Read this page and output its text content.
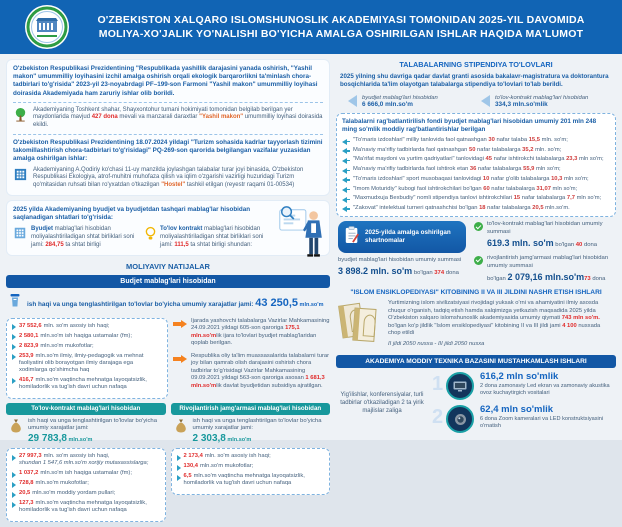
O'ZBEKISTON XALQARO ISLOMSHUNOSLIK AKADEMIYASI TOMONIDAN 2025-YIL DAVOMIDA
MOLIYA-XO'JALIK YO'NALISHI BO'YICHA AMALGA OSHIRILGAN ISHLAR HAQIDA MA'LUMOT

O'zbekiston Respublikasi Prezidentining "Respublikada yashillik darajasini yanada oshirish, "Yashil makon" umummilliy loyihasini izchil amalga oshirish orqali ekologik barqarorlikni ta'minlash chora-tadbirlari to'g'risida" 2023-yil 23-noyabrdagi PF–199-son Farmoni "Yashil makon" umummilliy loyihasi doirasida Akademiyada ham zaruriy ishlar olib borildi.

Akademiyaning Toshkent shahar, Shayxontohur tumani hokimiyati tomonidan belgilab berilgan yer maydonlarida mavjud 427 dona mevali va manzarali daraxtlar "Yashil makon" umummilliy loyihasi doirasida ekildi.

O'zbekiston Respublikasi Prezidentining 18.07.2024 yildagi "Turizm sohasida kadrlar tayyorlash tizimini takomillashtirish chora-tadbirlari to'g'risidagi" PQ-269-son qarorida belgilangan vazifalar yuzasidan amalga oshirilgan ishlar:

Akademiyaning A.Qodiriy ko'chasi 11-uy manzilda joylashgan talabalar turar joyi binasida, O'zbekiston Respublikasi Ekologiya, atrof-muhitni muhofaza qilish va iqlim o'zgarishi vazirligi huzuridagi Turizm qo'mitasidan ruhsati bilan ro'yxatdan o'tkazilgan "Hostel" tashkil etilgan (reyestr raqami 01-00534)

2025 yilda Akademiyaning byudjet va byudjetdan tashqari mablag'lar hisobidan saqlanadigan shtatlari to'g'risida:

Byudjet mablag'lari hisobidan moliyalashtiriladigan shtat birliklari soni jami: 284,75 ta shtat birligi

To'lov kontrakt mablag'lari hisobidan moliyalashtiriladigan shtat birliklari soni jami: 111,5 ta shtat birligi shundan:

MOLIYAVIY NATIJALAR
Budjet mablag'lari hisobidan

ish haqi va unga tenglashtirilgan to'lovlar bo'yicha umumiy xarajatlar jami: 43 250,5 mln.so'm

37 552,6 mln. so'm asosiy ish haqi;
2 580,1 mln.so'm ish haqiga ustamalar (fm);
2 823,9 mln.so'm mukofotlar;
253,9 mln.so'm ilmiy, ilmiy-pedagogik va mehnat faoliyatini olib borayotgan ilmiy darajaga ega xodimlarga qo'shimcha haq
416,7 mln.so'm vaqtincha mehnatga layoqatsizlik, homiladorlik va tug'ish davri uchun nafaqa

Ijarada yashovchi talabalarga Vazirlar Mahkamasining 24.09.2021 yildagi 605-son qaroriga 175,1 mln.so'mlik ijara to'lovlari byudjet mablag'laridan qoplab berilgan.

Respublika oliy ta'lim muassasalarida talabalarni turar joy bilan qamrab olish darajasini oshirish chora tadbirlar to'g'risidagi Vazirlar Mahkamasining 09.09.2021 yildagi 563-son qaroriga asosan 1 681,3 mln.so'mlik davlat byudjetidan subsidiya ajratilgan.

To'lov-kontrakt mablag'lari hisobidan
ish haqi va unga tenglashtirilgan to'lovlar bo'yicha umumiy xarajatlar jami:
29 783,8 mln.so'm
27 997,3 mln. so'm asosiy ish haqi,
shundan 1 547,6 mln.so'm xorijiy mutaxassislarga;
1 037,2 mln.so'm ish haqiga ustamalar (fm);
728,8 mln.so'm mukofotlar;
20,5 mln.so'm moddiy yordam pullari;
127,3 mln.so'm vaqtincha mehnatga layoqatsizlik, homiladorlik va tug'ish davri uchun nafaqa
Rivojlantirish jamg'armasi mablag'lari hisobidan
ish haqi va unga tenglashtirilgan to'lovlar bo'yicha umumiy xarajatlar jami:
2 303,8 mln.so'm
2 173,4 mln. so'm asosiy ish haqi;
130,4 mln.so'm mukofotlar;
6,5 mln.so'm vaqtincha mehnatga layoqatsizlik, homiladorlik va tug'ish davri uchun nafaqa
TALABALARNING STIPENDIYA TO'LOVLARI

2025 yilning shu davriga qadar davlat granti asosida bakalavr-magistratura va doktorantura bosqichlarida ta'lim olayotgan talabalarga stipendiya to'lovlari to'lab berildi.

byudjet mablag'lari hisobidan
6 666,0 mln.so'm
to'lov-kontrakt mablag'lari hisobidan
334,3 mln.so'mlik

Talabalarni rag'batlantirilish fondi byudjet mablag'lari hisobidan umumiy 201 mln 248 ming so'mlik moddiy rag'batlantirishlar berilgan

"To'maris izdoshlari" milliy tanlovida faol qatnashgan 30 nafar talaba 15,5 mln. so'm;
Ma'naviy ma'rifiy tadbirlarda faol qatnashgan 50 nafar talabalarga 35,2 mln. so'm;
"Ma'rifat maydoni va yurtim qadriyatlari" tanlovidagi 45 nafar ishtirokchi talabalarga 23,3 mln so'm;
Ma'naviy ma'rifiy tadbirlarda faol ishtirok etan 36 nafar talabalarga 55,9 mln so'm;
"To'maris izdoshlari" sport musobaqasi tanlovidagi 10 nafar g'olib talabalarga 10,3 mln so'm;
"Imom Moturidiy" kubogi faol ishtirokchilari bo'lgan 60 nafar talabalarga 31,07 mln so'm;
"Maxmudxuja Bexbudiy" nomli stipendiya tanlovi ishtirokchilari 15 nafar talabalarga 7,7 mln so'm;
"Zakovat" intelektual turneri qatnashchisi bo'lgan 18 nafar talabalarga 20,5 mln.so'm.
2025-yilda amalga oshirilgan shartnomalar

byudjet mablag'lari hisobidan umumiy summasi
3 898.2 mln. so'm bo'lgan 374 dona

to'lov-kontrakt mablag'lari hisobidan umumiy summasi
619.3 mln. so'm bo'lgan 40 dona

rivojlantirish jamg'armasi mablag'lari hisobidan umumiy summasi
bo'lgan 2 079,16 mln.so'm73 dona

"ISLOM ENSIKLOPEDIYASI" KITOBINING II VA III JILDINI NASHR ETISH ISHLARI

Yurtimizning islom sivilizatsiyasi rivojidagi yuksak o'rni va ahamiyatini ilmiy asosda chuqur o'rganish, tadqiq etish hamda xalqimizga yetkazish maqsadida 2025 yilda O'zbekiston xalqaro islomshunoslik akademiyasida umumiy qiymati 743 mln so'm. bo'lgan ko'p jildlik "Islom ensiklopediyasi" kitobining II va III jildi jami 4 100 nusxada chop etildi

II jildi 2050 nusxa - III jildi 2050 nusxa

AKADEMIYA MODDIY TEXNIKA BAZASINI MUSTAHKAMLASH ISHLARI
Yig'ilishlar, konferensiyalar, turli tadbirlar o'tkaziladigan 2 ta yirik majlislar zaliga
1	616,2 mln so'mlik
2 dona zamonaviy Led ekran va zamonaviy akustika ovoz kuchaytirgich vositalari
2	62,4 mln so'mlik
6 dona Zoom kameralari va LED konstruktsiyasini o'rnatish
